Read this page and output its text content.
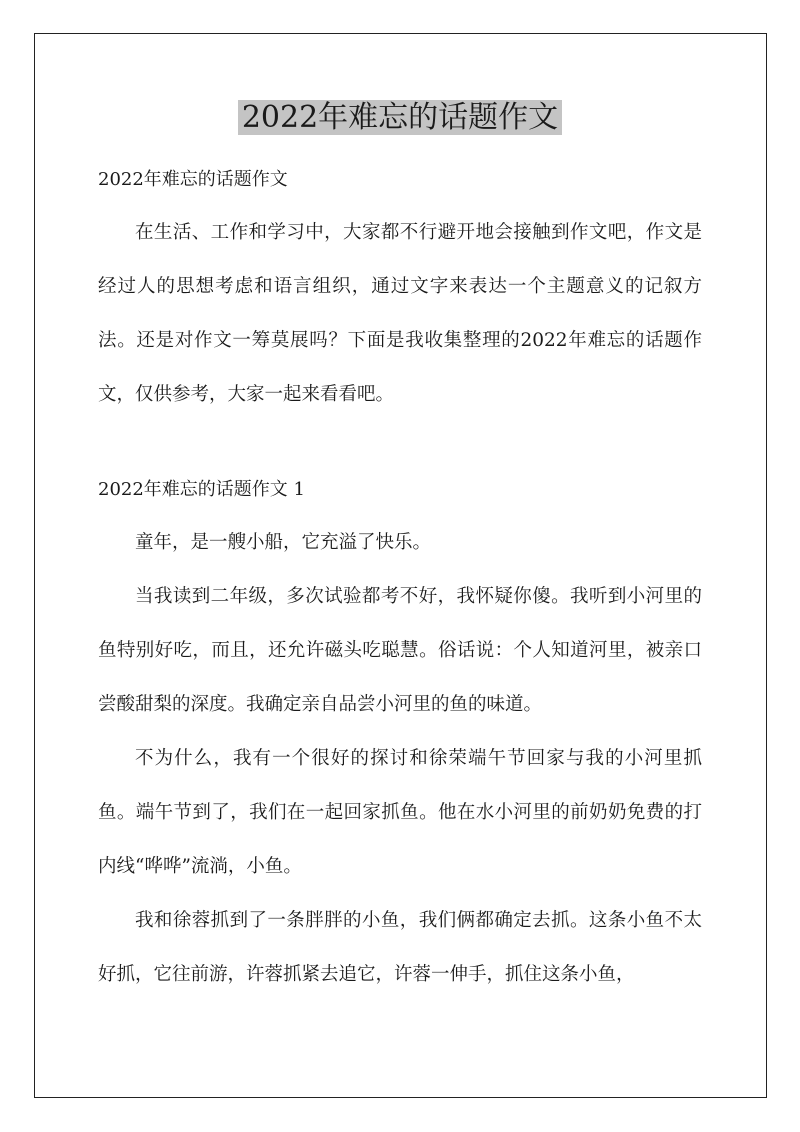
2022年难忘的话题作文

2022年难忘的话题作文

在生活、工作和学习中，大家都不行避开地会接触到作文吧，作文是经过人的思想考虑和语言组织，通过文字来表达一个主题意义的记叙方法。还是对作文一筹莫展吗？下面是我收集整理的2022年难忘的话题作文，仅供参考，大家一起来看看吧。

2022年难忘的话题作文 1

童年，是一艘小船，它充溢了快乐。

当我读到二年级，多次试验都考不好，我怀疑你傻。我听到小河里的鱼特别好吃，而且，还允许磁头吃聪慧。俗话说：个人知道河里，被亲口尝酸甜梨的深度。我确定亲自品尝小河里的鱼的味道。

不为什么，我有一个很好的探讨和徐荣端午节回家与我的小河里抓鱼。端午节到了，我们在一起回家抓鱼。他在水小河里的前奶奶免费的打内线“哗哗”流淌，小鱼。

我和徐蓉抓到了一条胖胖的小鱼，我们俩都确定去抓。这条小鱼不太好抓，它往前游，许蓉抓紧去追它，许蓉一伸手，抓住这条小鱼，
